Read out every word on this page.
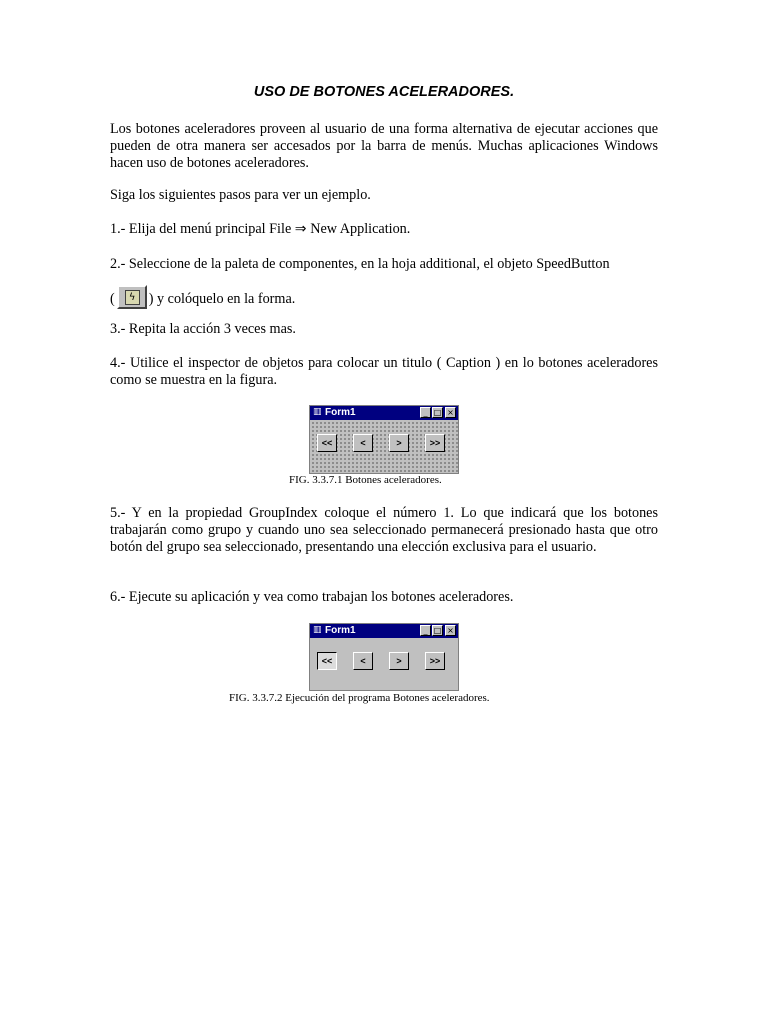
USO DE BOTONES ACELERADORES.
Los botones aceleradores proveen al usuario de una forma alternativa de ejecutar acciones que pueden de otra manera ser accesados por la barra de menús. Muchas aplicaciones Windows hacen uso de botones aceleradores.
Siga los siguientes pasos para ver un ejemplo.
1.- Elija del menú principal File ⇒ New Application.
2.- Seleccione de la paleta de componentes, en la hoja additional, el objeto SpeedButton
(	ϟ ) y colóquelo en la forma.
3.- Repita la acción 3 veces mas.
4.- Utilice el inspector de objetos para colocar un titulo ( Caption ) en lo botones aceleradores como se muestra en la figura.
▥ Form1	_ □ ×
<<	<	>	>>
FIG. 3.3.7.1 Botones aceleradores.
5.- Y en la propiedad GroupIndex coloque el número 1. Lo que indicará que los botones trabajarán como grupo y cuando uno sea seleccionado permanecerá presionado hasta que otro botón del grupo sea seleccionado, presentando una elección exclusiva para el usuario.
6.- Ejecute su aplicación y vea como trabajan los botones aceleradores.
▥ Form1	_ □ ×
<<	<	>	>>
FIG. 3.3.7.2 Ejecución del programa Botones aceleradores.
